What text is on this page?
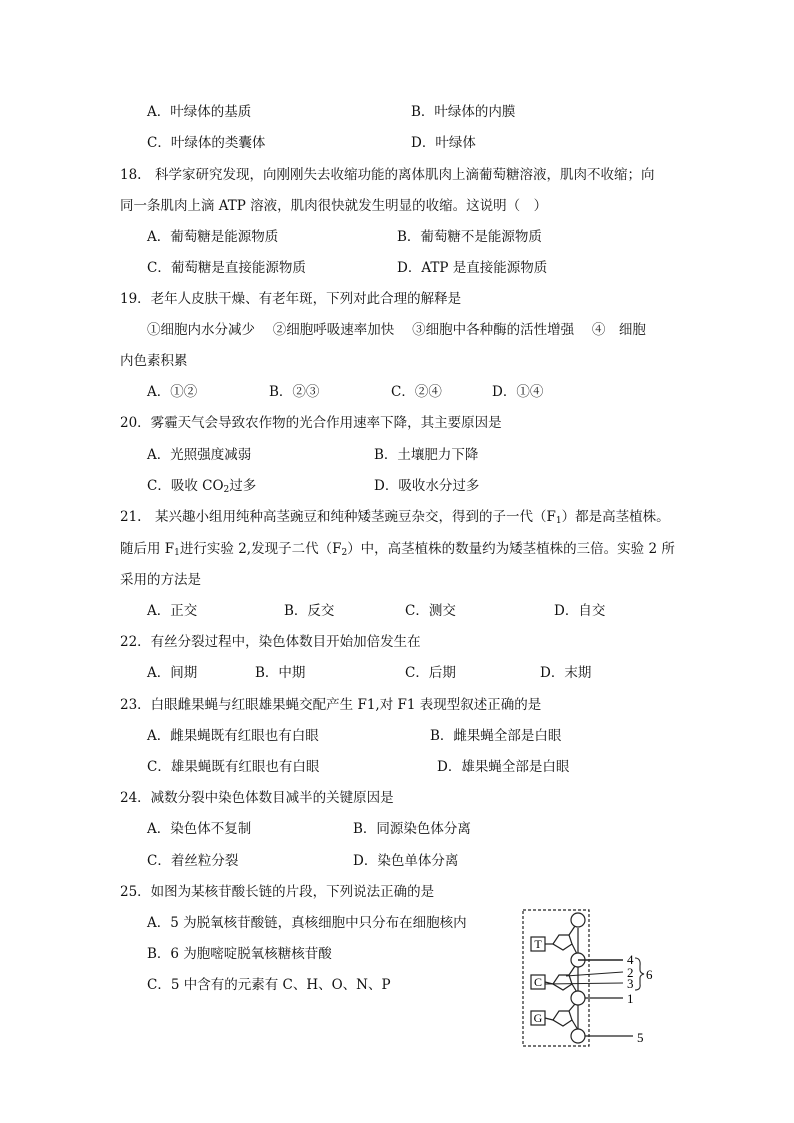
A．叶绿体的基质	B．叶绿体的内膜
C．叶绿体的类囊体	D．叶绿体
18.　科学家研究发现，向刚刚失去收缩功能的离体肌肉上滴葡萄糖溶液，肌肉不收缩；向
同一条肌肉上滴 ATP 溶液，肌肉很快就发生明显的收缩。这说明（　）
A．葡萄糖是能源物质	B．葡萄糖不是能源物质
C．葡萄糖是直接能源物质	D．ATP 是直接能源物质
19．老年人皮肤干燥、有老年斑，下列对此合理的解释是
①细胞内水分减少　 ②细胞呼吸速率加快　 ③细胞中各种酶的活性增强　 ④　细胞
内色素积累
A．①②	B．②③	C．②④	D．①④
20．雾霾天气会导致农作物的光合作用速率下降，其主要原因是
A．光照强度减弱	B．土壤肥力下降
C．吸收 $CO_2$过多	D．吸收水分过多
21.　某兴趣小组用纯种高茎豌豆和纯种矮茎豌豆杂交，得到的子一代$(F_1)$都是高茎植株。
随后用 $F_1$进行实验 2,发现子二代$(F_2)$中，高茎植株的数量约为矮茎植株的三倍。实验 2 所
采用的方法是
A．正交	B．反交	C．测交	D．自交
22．有丝分裂过程中，染色体数目开始加倍发生在
A．间期	B．中期	C．后期	D．末期
23．白眼雌果蝇与红眼雄果蝇交配产生 F1,对 F1 表现型叙述正确的是
A．雌果蝇既有红眼也有白眼	B．雌果蝇全部是白眼
C．雄果蝇既有红眼也有白眼	D．雄果蝇全部是白眼
24．减数分裂中染色体数目减半的关键原因是
A．染色体不复制	B．同源染色体分离
C．着丝粒分裂	D．染色单体分离
25．如图为某核苷酸长链的片段，下列说法正确的是
A．5 为脱氧核苷酸链，真核细胞中只分布在细胞核内
B．6 为胞嘧啶脱氧核糖核苷酸
C．5 中含有的元素有 C、H、O、N、P
T
C
G
4
2
3
1
5
6
